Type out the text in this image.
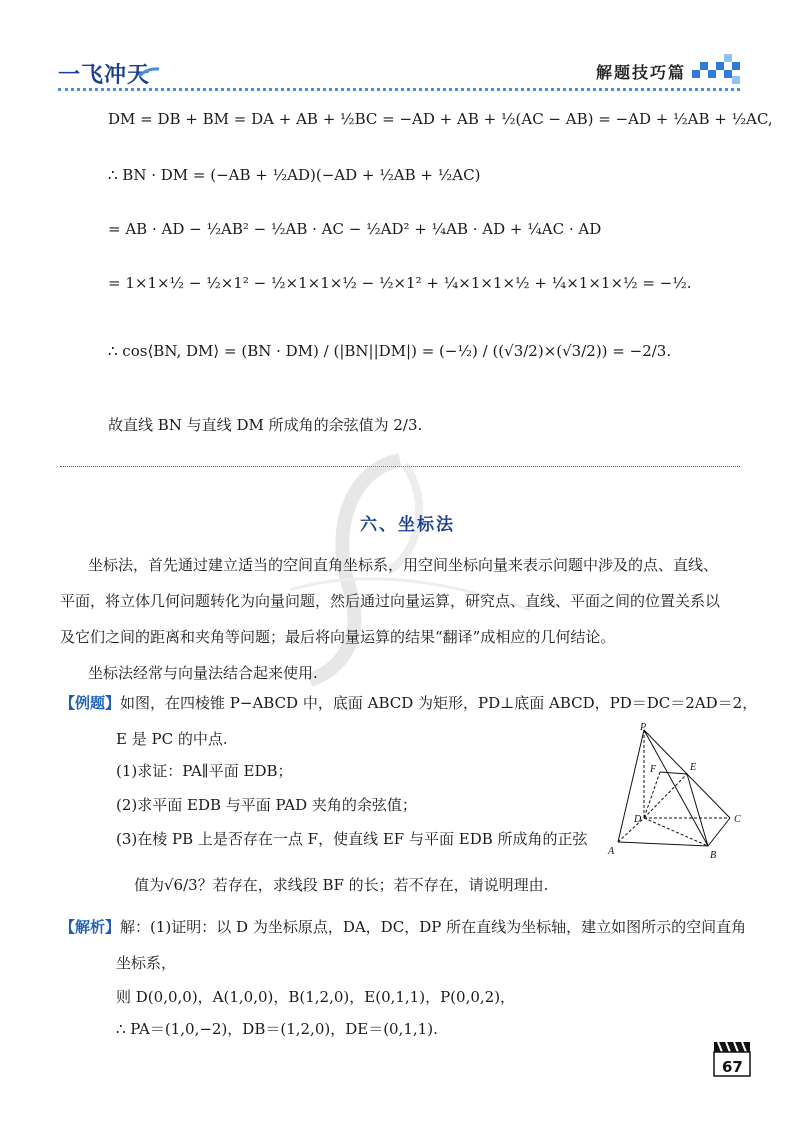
一飞冲天	解题技巧篇
DM = DB + BM = DA + AB + ½BC = −AD + AB + ½(AC − AB) = −AD + ½AB + ½AC,
∴ BN · DM = (−AB + ½AD)(−AD + ½AB + ½AC)
= AB · AD − ½AB² − ½AB · AC − ½AD² + ¼AB · AD + ¼AC · AD
= 1×1×½ − ½×1² − ½×1×1×½ − ½×1² + ¼×1×1×½ + ¼×1×1×½ = −½.
∴ cos⟨BN, DM⟩ = (BN · DM) / (|BN||DM|) = (−½) / ((√3/2)×(√3/2)) = −2/3.
故直线 BN 与直线 DM 所成角的余弦值为 2/3.
六、坐标法
坐标法，首先通过建立适当的空间直角坐标系，用空间坐标向量来表示问题中涉及的点、直线、
平面，将立体几何问题转化为向量问题，然后通过向量运算，研究点、直线、平面之间的位置关系以
及它们之间的距离和夹角等问题；最后将向量运算的结果“翻译”成相应的几何结论。
坐标法经常与向量法结合起来使用.
【例题】如图，在四棱锥 P−ABCD 中，底面 ABCD 为矩形，PD⊥底面 ABCD，PD＝DC＝2AD＝2，
E 是 PC 的中点.
(1)求证：PA∥平面 EDB；
(2)求平面 EDB 与平面 PAD 夹角的余弦值；
(3)在棱 PB 上是否存在一点 F，使直线 EF 与平面 EDB 所成角的正弦
值为√6/3？若存在，求线段 BF 的长；若不存在，请说明理由.
P
F	E
D	C
A	B
【解析】解：(1)证明：以 D 为坐标原点，DA，DC，DP 所在直线为坐标轴，建立如图所示的空间直角
坐标系，
则 D(0,0,0)，A(1,0,0)，B(1,2,0)，E(0,1,1)，P(0,0,2)，
∴ PA＝(1,0,−2)，DB＝(1,2,0)，DE＝(0,1,1).
67
